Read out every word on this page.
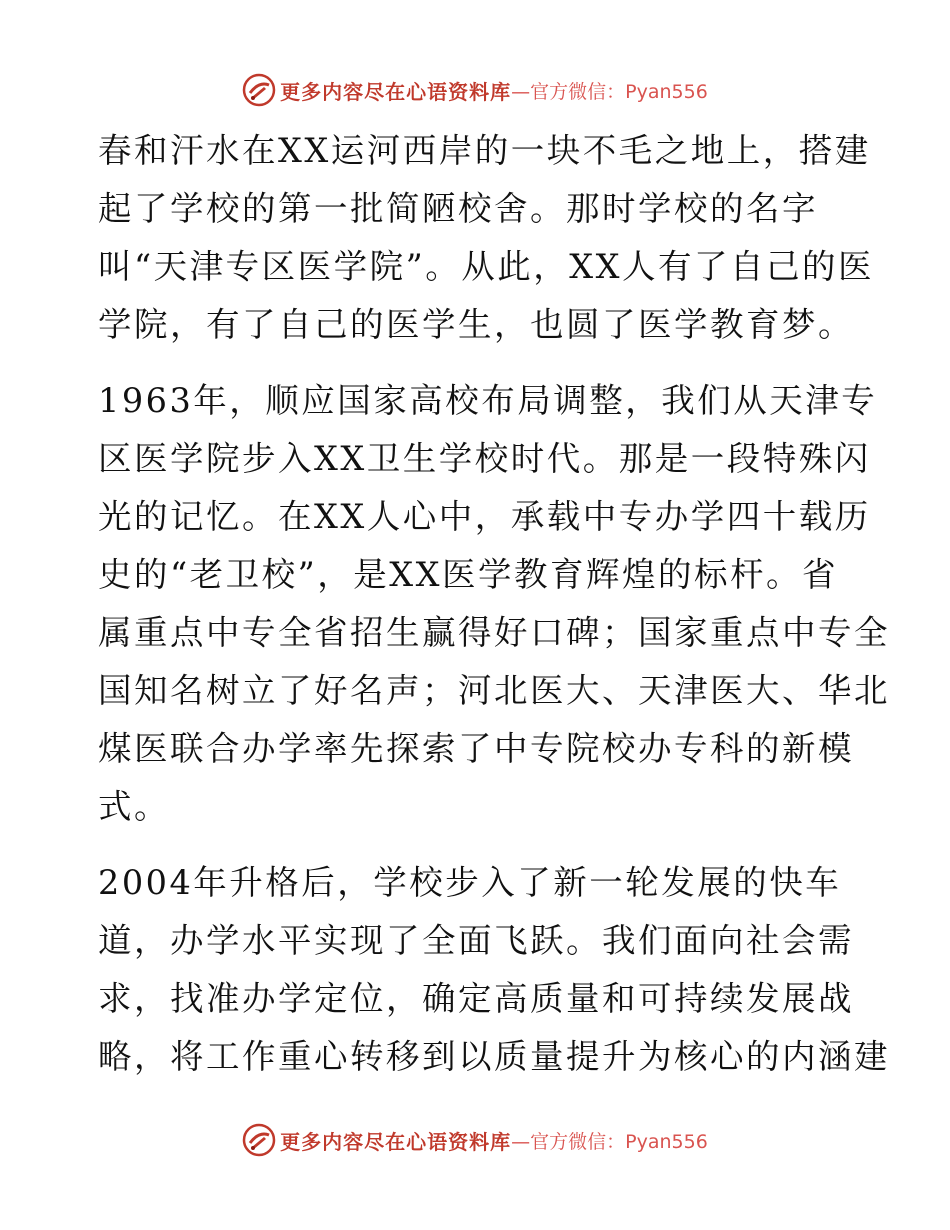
更多内容尽在心语资料库 —官方微信：Pyan556
春和汗水在XX运河西岸的一块不毛之地上，搭建
起了学校的第一批简陋校舍。那时学校的名字
叫“天津专区医学院”。从此，XX人有了自己的医
学院，有了自己的医学生，也圆了医学教育梦。
1963年，顺应国家高校布局调整，我们从天津专
区医学院步入XX卫生学校时代。那是一段特殊闪
光的记忆。在XX人心中，承载中专办学四十载历
史的“老卫校”，是XX医学教育辉煌的标杆。省
属重点中专全省招生赢得好口碑；国家重点中专全
国知名树立了好名声；河北医大、天津医大、华北
煤医联合办学率先探索了中专院校办专科的新模
式。
2004年升格后，学校步入了新一轮发展的快车
道，办学水平实现了全面飞跃。我们面向社会需
求，找准办学定位，确定高质量和可持续发展战
略，将工作重心转移到以质量提升为核心的内涵建
更多内容尽在心语资料库 —官方微信：Pyan556
